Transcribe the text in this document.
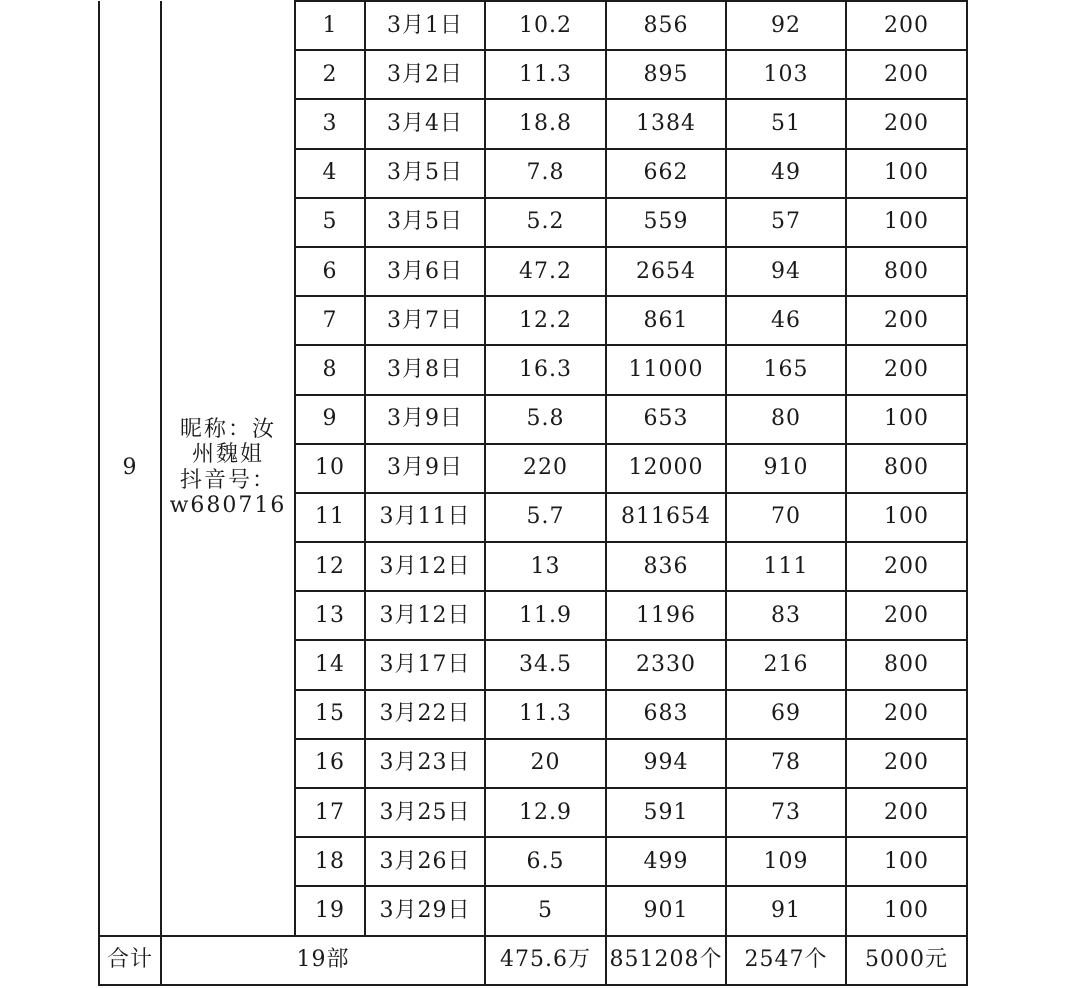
9	昵称：汝
州魏姐
抖音号：
w680716	1	3月1日	10.2	856	92	200
		2	3月2日	11.3	895	103	200
		3	3月4日	18.8	1384	51	200
		4	3月5日	7.8	662	49	100
		5	3月5日	5.2	559	57	100
		6	3月6日	47.2	2654	94	800
		7	3月7日	12.2	861	46	200
		8	3月8日	16.3	11000	165	200
		9	3月9日	5.8	653	80	100
		10	3月9日	220	12000	910	800
		11	3月11日	5.7	811654	70	100
		12	3月12日	13	836	111	200
		13	3月12日	11.9	1196	83	200
		14	3月17日	34.5	2330	216	800
		15	3月22日	11.3	683	69	200
		16	3月23日	20	994	78	200
		17	3月25日	12.9	591	73	200
		18	3月26日	6.5	499	109	100
		19	3月29日	5	901	91	100
合计	19部			475.6万	851208个	2547个	5000元
